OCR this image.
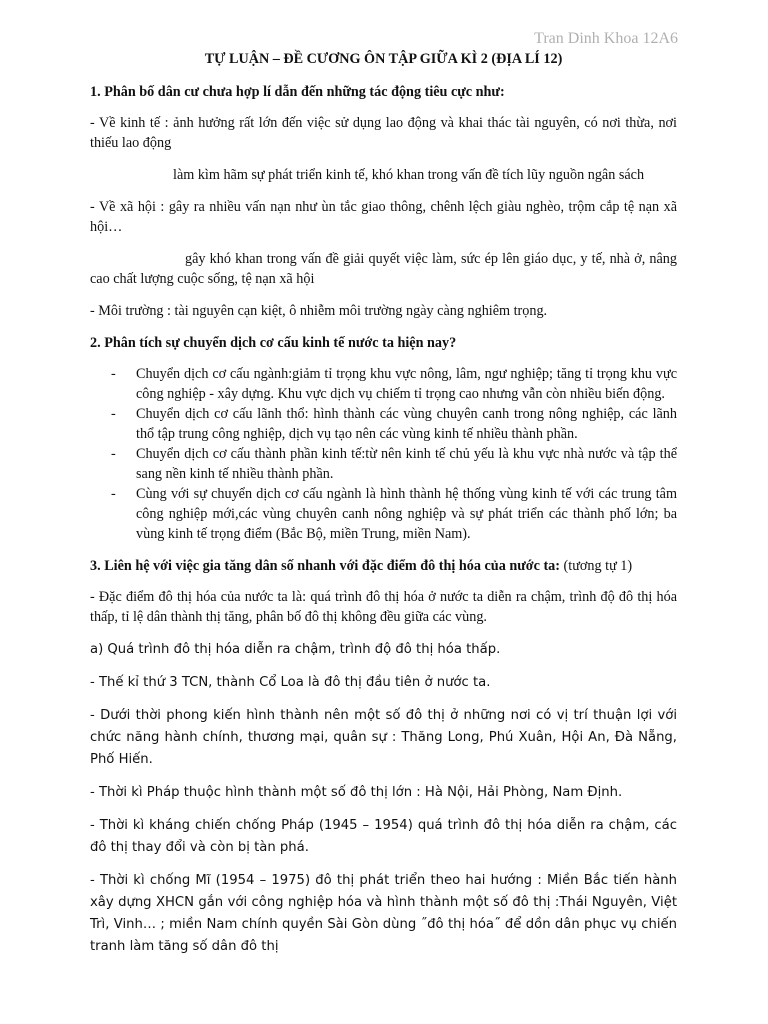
Tran Dinh Khoa 12A6
TỰ LUẬN – ĐỀ CƯƠNG ÔN TẬP GIỮA KÌ 2 (ĐỊA LÍ 12)
1. Phân bố dân cư chưa hợp lí dẫn đến những tác động tiêu cực như:

- Về kinh tế : ảnh hưởng rất lớn đến việc sử dụng lao động và khai thác tài nguyên, có nơi thừa, nơi thiếu lao động

làm kìm hãm sự phát triển kinh tế, khó khan trong vấn đề tích lũy nguồn ngân sách

- Về xã hội : gây ra nhiều vấn nạn như ùn tắc giao thông, chênh lệch giàu nghèo, trộm cắp tệ nạn xã hội…

gây khó khan trong vấn đề giải quyết việc làm, sức ép lên giáo dục, y tế, nhà ở, nâng cao chất lượng cuộc sống, tệ nạn xã hội

- Môi trường : tài nguyên cạn kiệt, ô nhiễm môi trường ngày càng nghiêm trọng.

2. Phân tích sự chuyển dịch cơ cấu kinh tế nước ta hiện nay?
- Chuyển dịch cơ cấu ngành:giảm tỉ trọng khu vực nông, lâm, ngư nghiệp; tăng tỉ trọng khu vực công nghiệp - xây dựng. Khu vực dịch vụ chiếm tỉ trọng cao nhưng vẫn còn nhiều biến động.
- Chuyển dịch cơ cấu lãnh thổ: hình thành các vùng chuyên canh trong nông nghiệp, các lãnh thổ tập trung công nghiệp, dịch vụ tạo nên các vùng kinh tế nhiều thành phần.
- Chuyển dịch cơ cấu thành phần kinh tế:từ nên kinh tế chủ yếu là khu vực nhà nước và tập thể sang nền kinh tế nhiều thành phần.
- Cùng với sự chuyển dịch cơ cấu ngành là hình thành hệ thống vùng kinh tế với các trung tâm công nghiệp mới,các vùng chuyên canh nông nghiệp và sự phát triển các thành phố lớn; ba vùng kinh tế trọng điểm (Bắc Bộ, miền Trung, miền Nam).
3. Liên hệ với việc gia tăng dân số nhanh với đặc điểm đô thị hóa của nước ta: (tương tự 1)

- Đặc điểm đô thị hóa của nước ta là: quá trình đô thị hóa ở nước ta diễn ra chậm, trình độ đô thị hóa thấp, tỉ lệ dân thành thị tăng, phân bố đô thị không đều giữa các vùng.

a) Quá trình đô thị hóa diễn ra chậm, trình độ đô thị hóa thấp.

- Thế kỉ thứ 3 TCN, thành Cổ Loa là đô thị đầu tiên ở nước ta.

- Dưới thời phong kiến hình thành nên một số đô thị ở những nơi có vị trí thuận lợi với chức năng hành chính, thương mại, quân sự : Thăng Long, Phú Xuân, Hội An, Đà Nẵng, Phố Hiến.

- Thời kì Pháp thuộc hình thành một số đô thị lớn : Hà Nội, Hải Phòng, Nam Định.

- Thời kì kháng chiến chống Pháp (1945 – 1954) quá trình đô thị hóa diễn ra chậm, các đô thị thay đổi và còn bị tàn phá.

- Thời kì chống Mĩ (1954 – 1975) đô thị phát triển theo hai hướng : Miền Bắc tiến hành xây dựng XHCN gắn với công nghiệp hóa và hình thành một số đô thị :Thái Nguyên, Việt Trì, Vinh… ; miền Nam chính quyền Sài Gòn dùng ˝đô thị hóa˝ để dồn dân phục vụ chiến tranh làm tăng số dân đô thị
